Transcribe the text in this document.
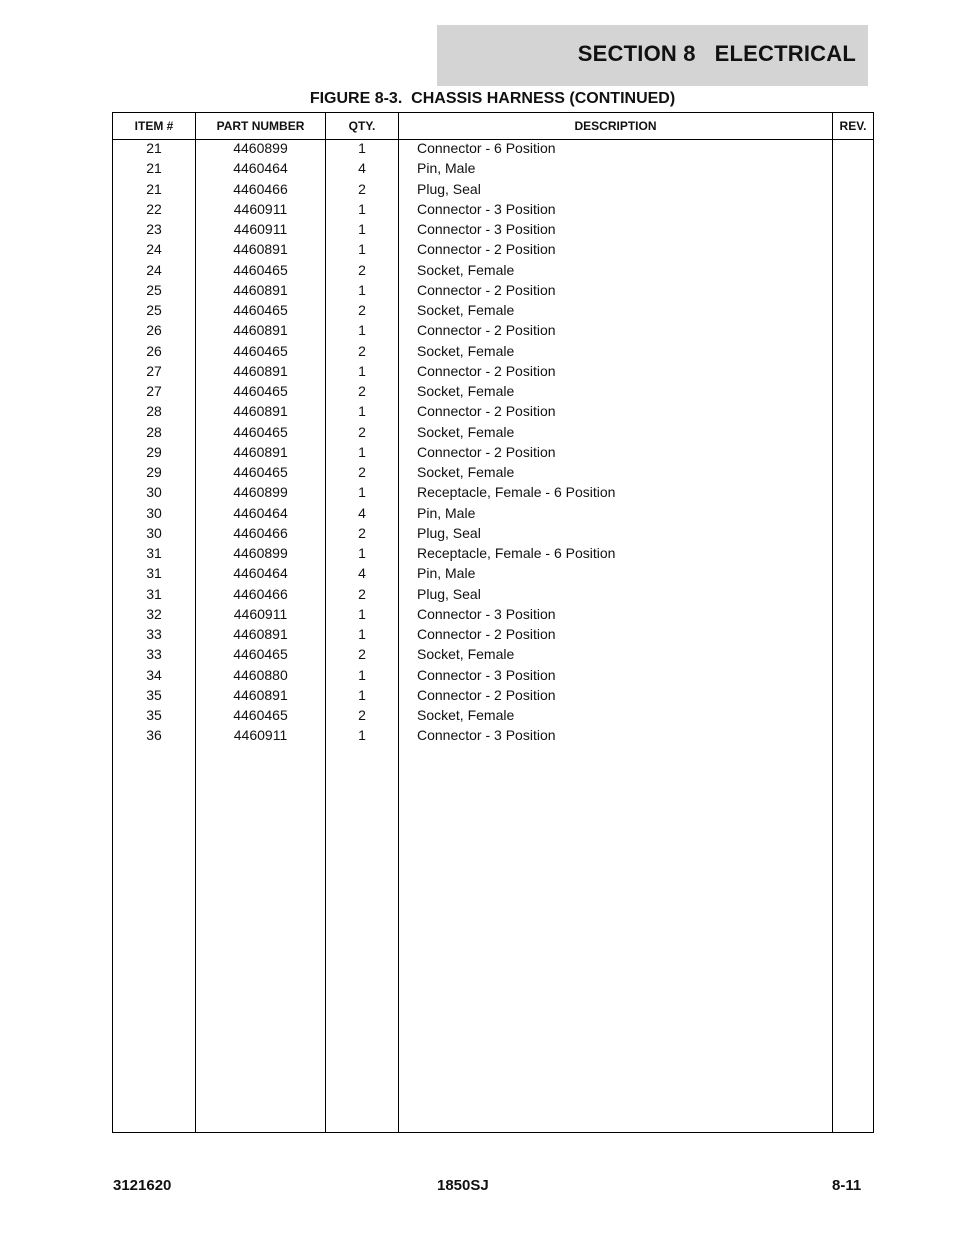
SECTION 8   ELECTRICAL
FIGURE 8-3.  CHASSIS HARNESS (CONTINUED)
ITEM #	PART NUMBER	QTY.	DESCRIPTION	REV.
21	4460899	1	Connector - 6 Position
21	4460464	4	Pin, Male
21	4460466	2	Plug, Seal
22	4460911	1	Connector - 3 Position
23	4460911	1	Connector - 3 Position
24	4460891	1	Connector - 2 Position
24	4460465	2	Socket, Female
25	4460891	1	Connector - 2 Position
25	4460465	2	Socket, Female
26	4460891	1	Connector - 2 Position
26	4460465	2	Socket, Female
27	4460891	1	Connector - 2 Position
27	4460465	2	Socket, Female
28	4460891	1	Connector - 2 Position
28	4460465	2	Socket, Female
29	4460891	1	Connector - 2 Position
29	4460465	2	Socket, Female
30	4460899	1	Receptacle, Female - 6 Position
30	4460464	4	Pin, Male
30	4460466	2	Plug, Seal
31	4460899	1	Receptacle, Female - 6 Position
31	4460464	4	Pin, Male
31	4460466	2	Plug, Seal
32	4460911	1	Connector - 3 Position
33	4460891	1	Connector - 2 Position
33	4460465	2	Socket, Female
34	4460880	1	Connector - 3 Position
35	4460891	1	Connector - 2 Position
35	4460465	2	Socket, Female
36	4460911	1	Connector - 3 Position
3121620	1850SJ	8-11
